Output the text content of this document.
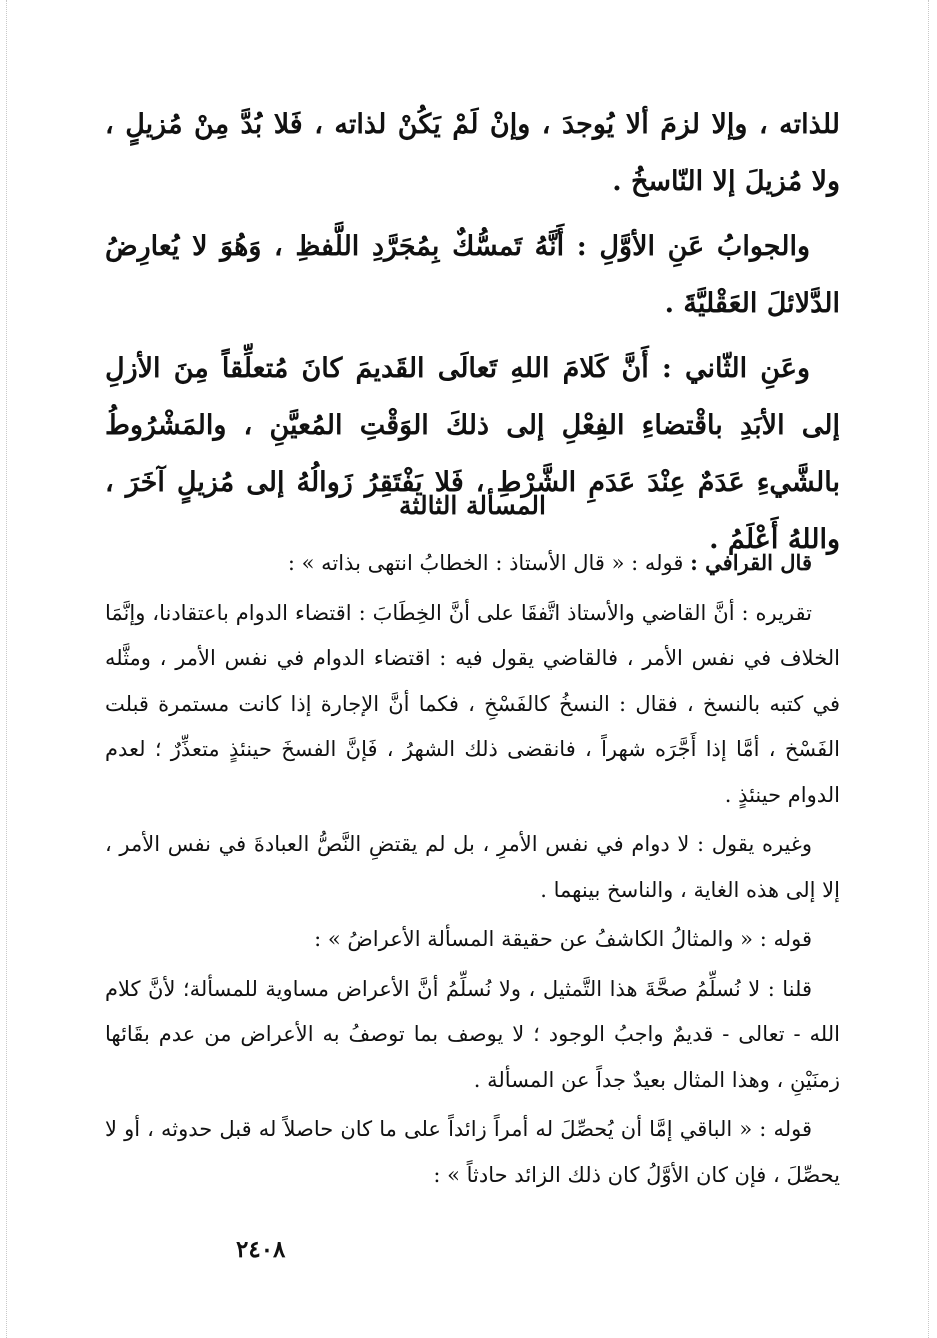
للذاته ، وإلا لزمَ ألا يُوجدَ ، وإنْ لَمْ يَكُنْ لذاته ، فَلا بُدَّ مِنْ مُزيلٍ ، ولا مُزيلَ إلا النّاسخُ .

والجوابُ عَنِ الأوَّلِ : أَنَّهُ تَمسُّكٌ بِمُجَرَّدِ اللَّفظِ ، وَهُوَ لا يُعارِضُ الدَّلائلَ العَقْليَّةَ .

وعَنِ الثّاني : أَنَّ كَلامَ اللهِ تَعالَى القَديمَ كانَ مُتعلِّقاً مِنَ الأزلِ إلى الأبَدِ باقْتضاءِ الفِعْلِ إلى ذلكَ الوَقْتِ المُعيَّنِ ، والمَشْرُوطُ بالشَّيءِ عَدَمٌ عِنْدَ عَدَمِ الشَّرْطِ ، فَلا يَفْتَقِرُ زَوالُهُ إلى مُزيلٍ آخَرَ ، واللهُ أَعْلَمُ .

المسألة الثالثة

قال القرافي : قوله : « قال الأستاذ : الخطابُ انتهى بذاته » :

تقريره : أنَّ القاضي والأستاذ اتَّفقَا على أنَّ الخِطَابَ : اقتضاء الدوام باعتقادنا، وإنَّمَا الخلاف في نفس الأمر ، فالقاضي يقول فيه : اقتضاء الدوام في نفس الأمر ، ومثَّله في كتبه بالنسخ ، فقال : النسخُ كالفَسْخِ ، فكما أنَّ الإجارة إذا كانت مستمرة قبلت الفَسْخ ، أمَّا إذا أَجَّرَه شهراً ، فانقضى ذلك الشهرُ ، فَإنَّ الفسخَ حينئذٍ متعذِّرٌ ؛ لعدم الدوام حينئذٍ .

وغيره يقول : لا دوام في نفس الأمرِ ، بل لم يقتضِ النَّصُّ العبادةَ في نفس الأمر ، إلا إلى هذه الغاية ، والناسخ بينهما .

قوله : « والمثالُ الكاشفُ عن حقيقة المسألة الأعراضُ » :

قلنا : لا نُسلِّمُ صحَّةَ هذا التَّمثيل ، ولا نُسلِّمُ أنَّ الأعراض مساوية للمسألة؛ لأنَّ كلام الله - تعالى - قديمٌ واجبُ الوجود ؛ لا يوصف بما توصفُ به الأعراض من عدم بقَائها زمنَيْنِ ، وهذا المثال بعيدٌ جداً عن المسألة .

قوله : « الباقي إمَّا أن يُحصِّلَ له أمراً زائداً على ما كان حاصلاً له قبل حدوثه ، أو لا يحصِّلَ ، فإن كان الأوَّلُ كان ذلك الزائد حادثاً » :

٢٤٠٨
